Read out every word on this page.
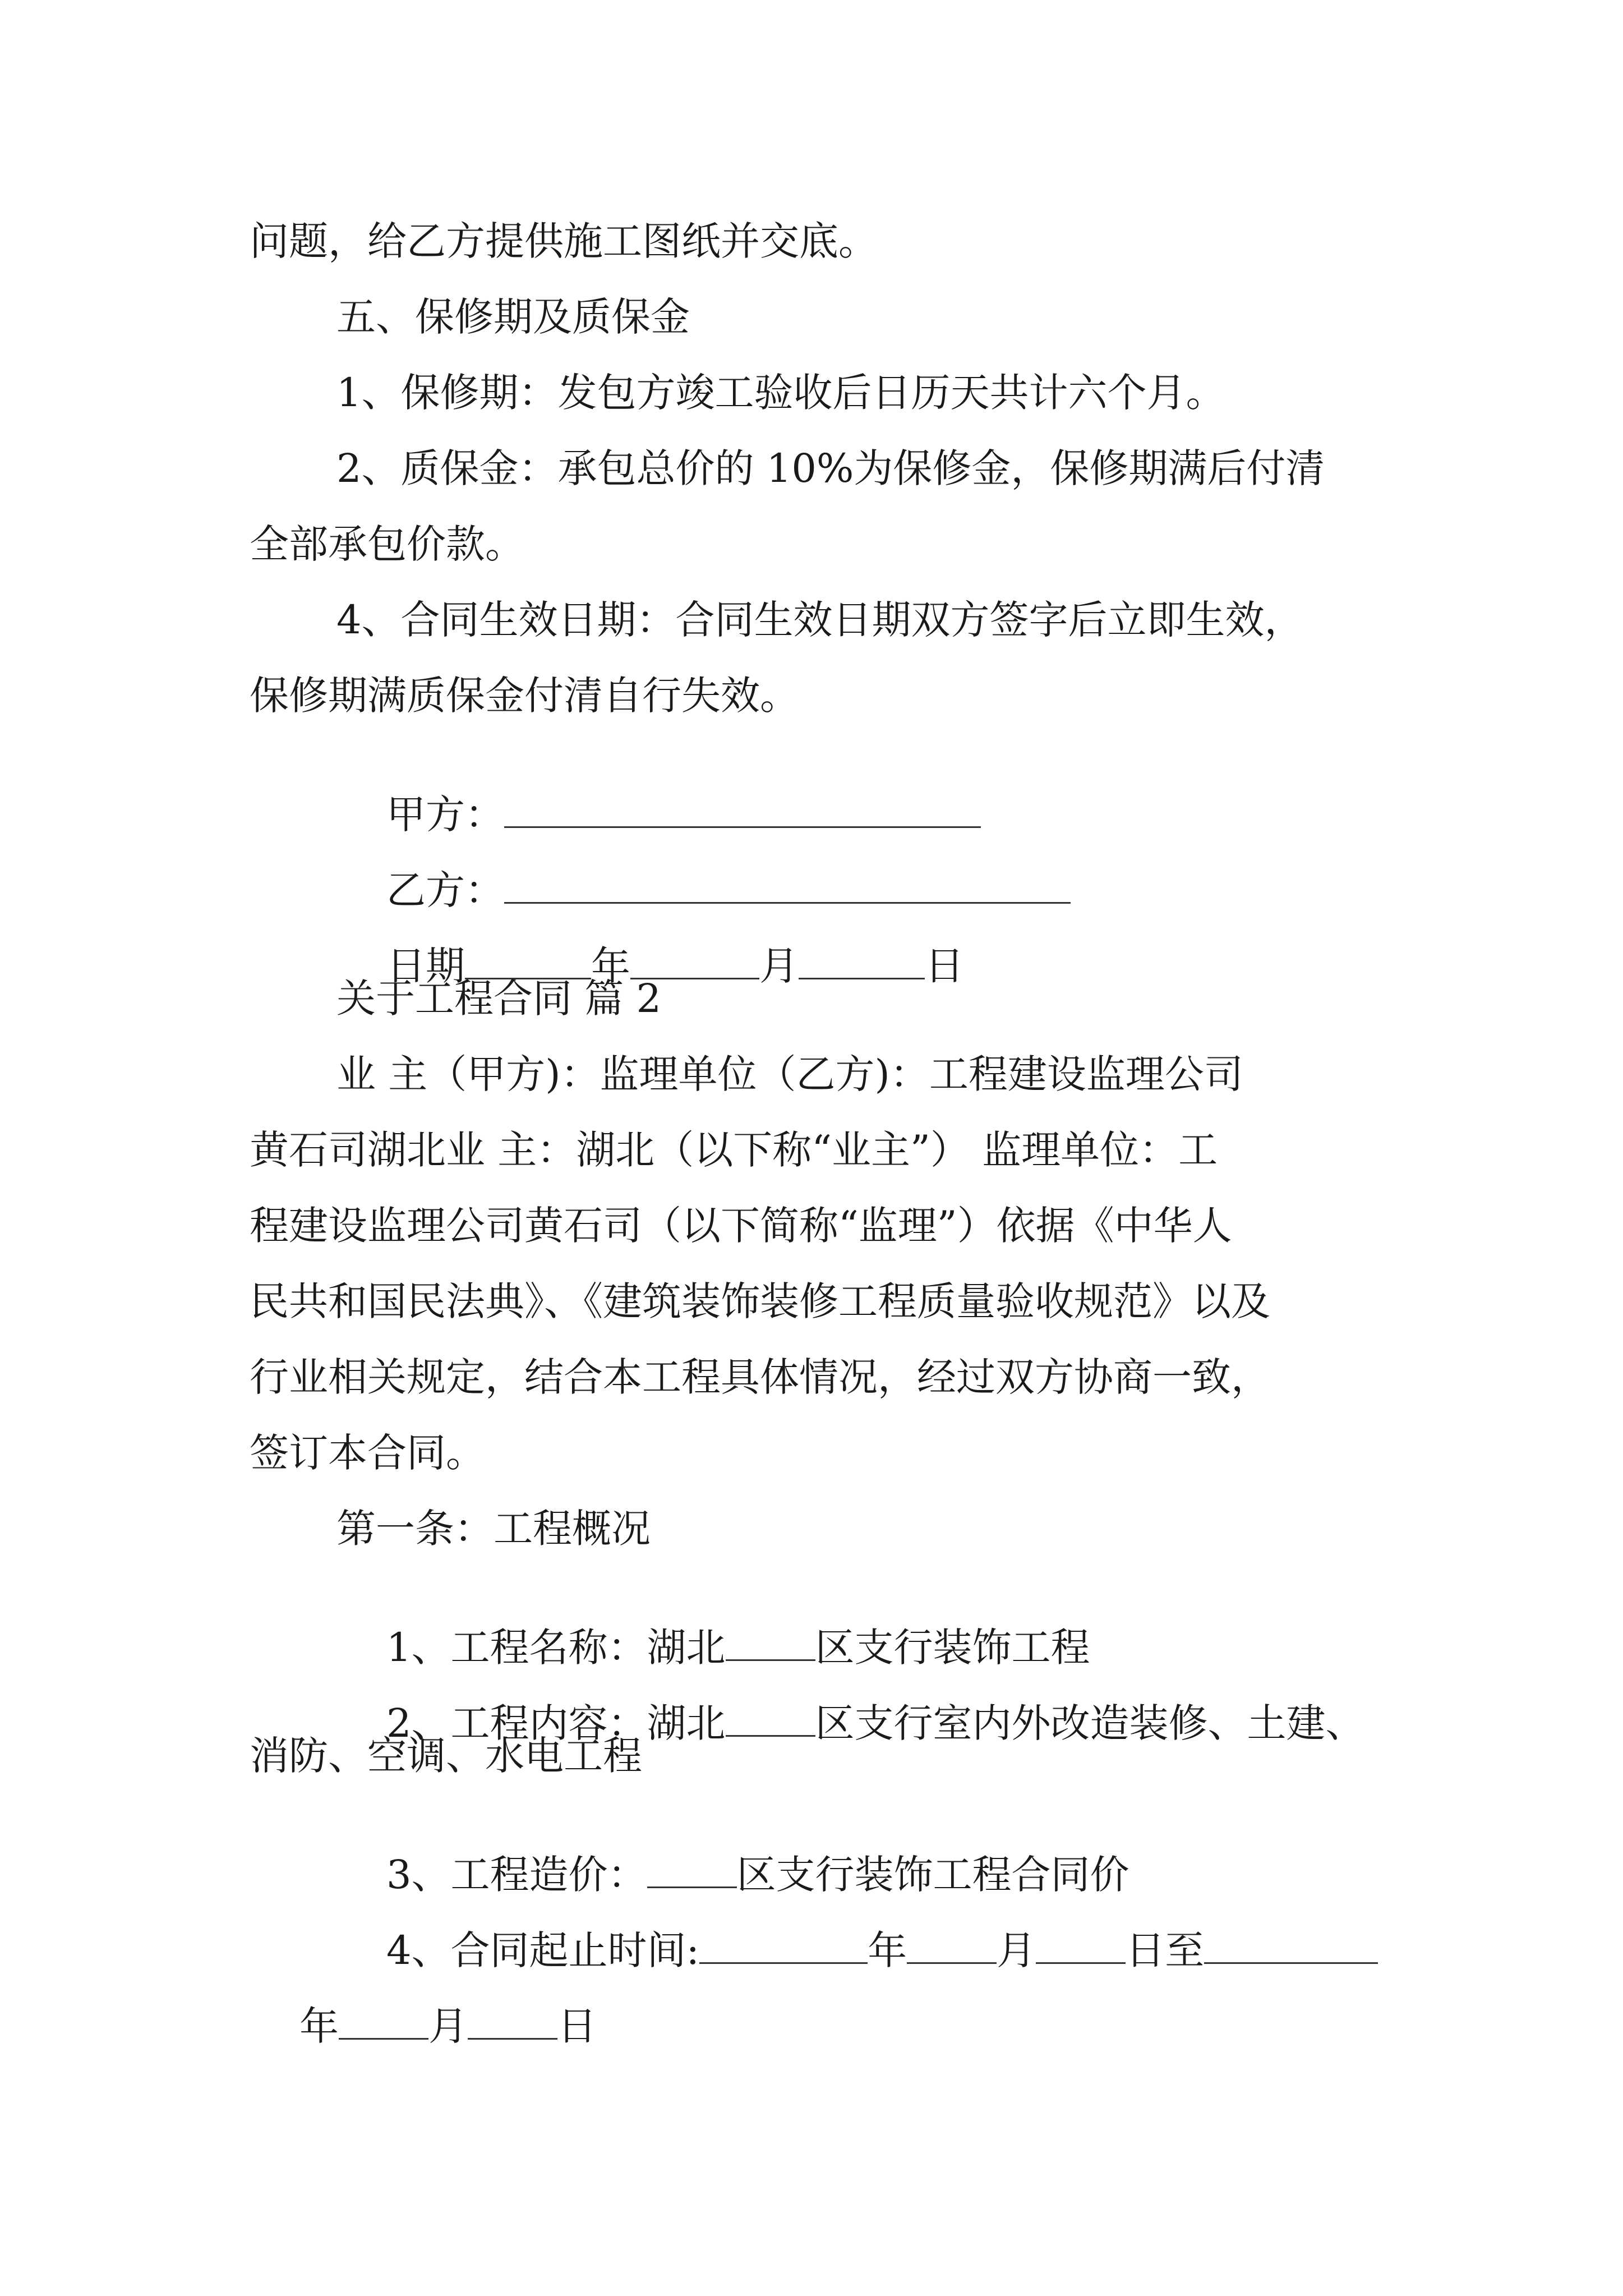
问题，给乙方提供施工图纸并交底。
五、保修期及质保金
1、保修期：发包方竣工验收后日历天共计六个月。
2、质保金：承包总价的 10%为保修金，保修期满后付清
全部承包价款。
4、合同生效日期：合同生效日期双方签字后立即生效，
保修期满质保金付清自行失效。

甲方：

乙方：

日期	年	月	日

关于工程合同 篇 2
业 主（甲方)：监理单位（乙方)：工程建设监理公司
黄石司湖北业 主：湖北（以下称“业主”） 监理单位：工
程建设监理公司黄石司（以下简称“监理”）依据《中华人
民共和国民法典》、《建筑装饰装修工程质量验收规范》以及
行业相关规定，结合本工程具体情况，经过双方协商一致，
签订本合同。
第一条：工程概况

1、工程名称：湖北 区支行装饰工程

2、工程内容：湖北 区支行室内外改造装修、土建、

消防、空调、水电工程

3、工程造价： 区支行装饰工程合同价

4、合同起止时间:	年 月 日至

年 月 日
